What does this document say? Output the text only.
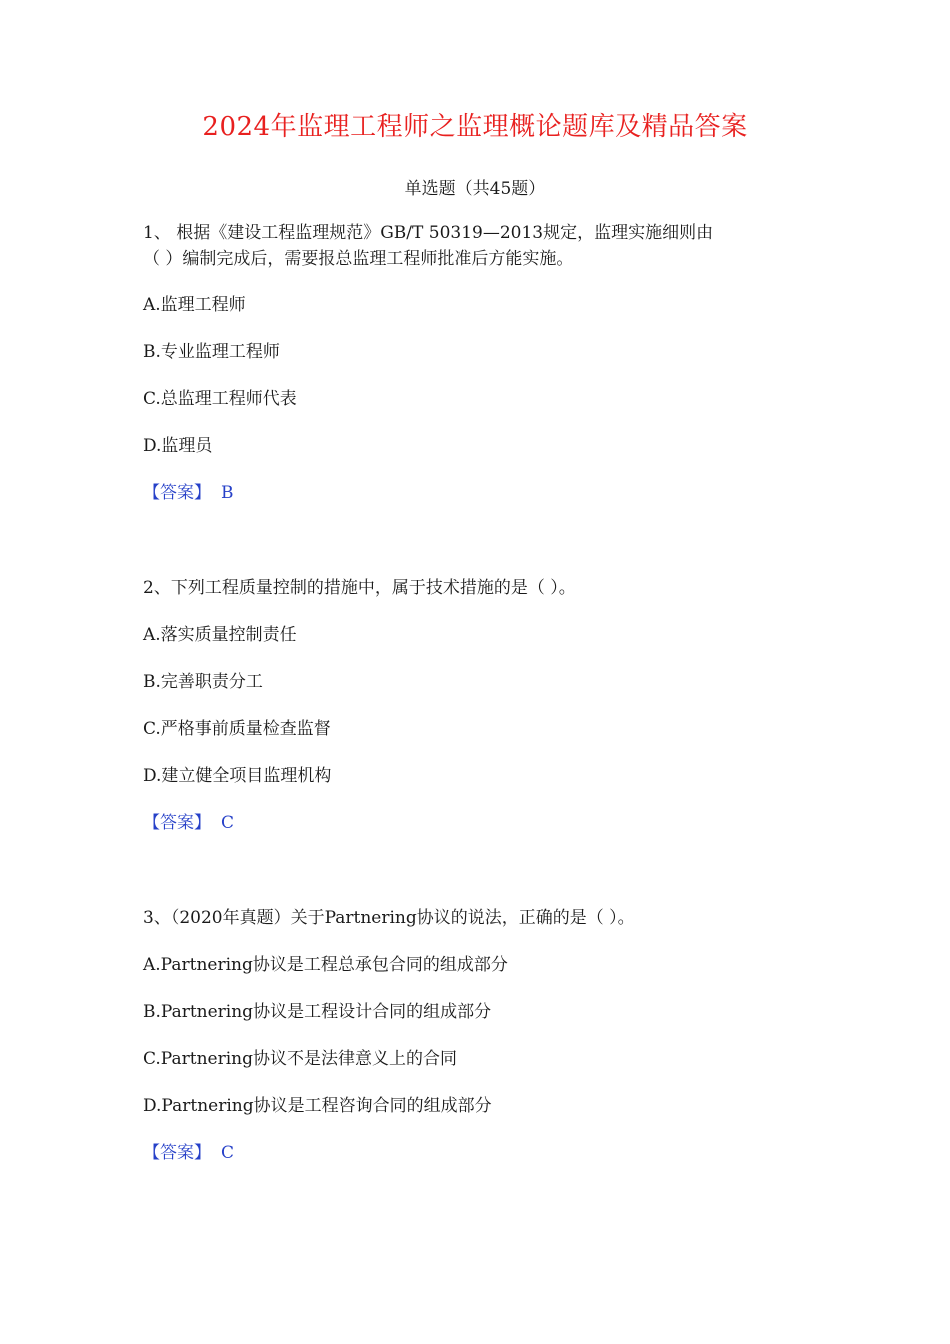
2024年监理工程师之监理概论题库及精品答案
单选题（共45题）
1、 根据《建设工程监理规范》GB/T 50319—2013规定，监理实施细则由
（ ）编制完成后，需要报总监理工程师批准后方能实施。
A.监理工程师
B.专业监理工程师
C.总监理工程师代表
D.监理员
【答案】 B
2、下列工程质量控制的措施中，属于技术措施的是（ ）。
A.落实质量控制责任
B.完善职责分工
C.严格事前质量检查监督
D.建立健全项目监理机构
【答案】 C
3、（2020年真题）关于Partnering协议的说法，正确的是（ ）。
A.Partnering协议是工程总承包合同的组成部分
B.Partnering协议是工程设计合同的组成部分
C.Partnering协议不是法律意义上的合同
D.Partnering协议是工程咨询合同的组成部分
【答案】 C
